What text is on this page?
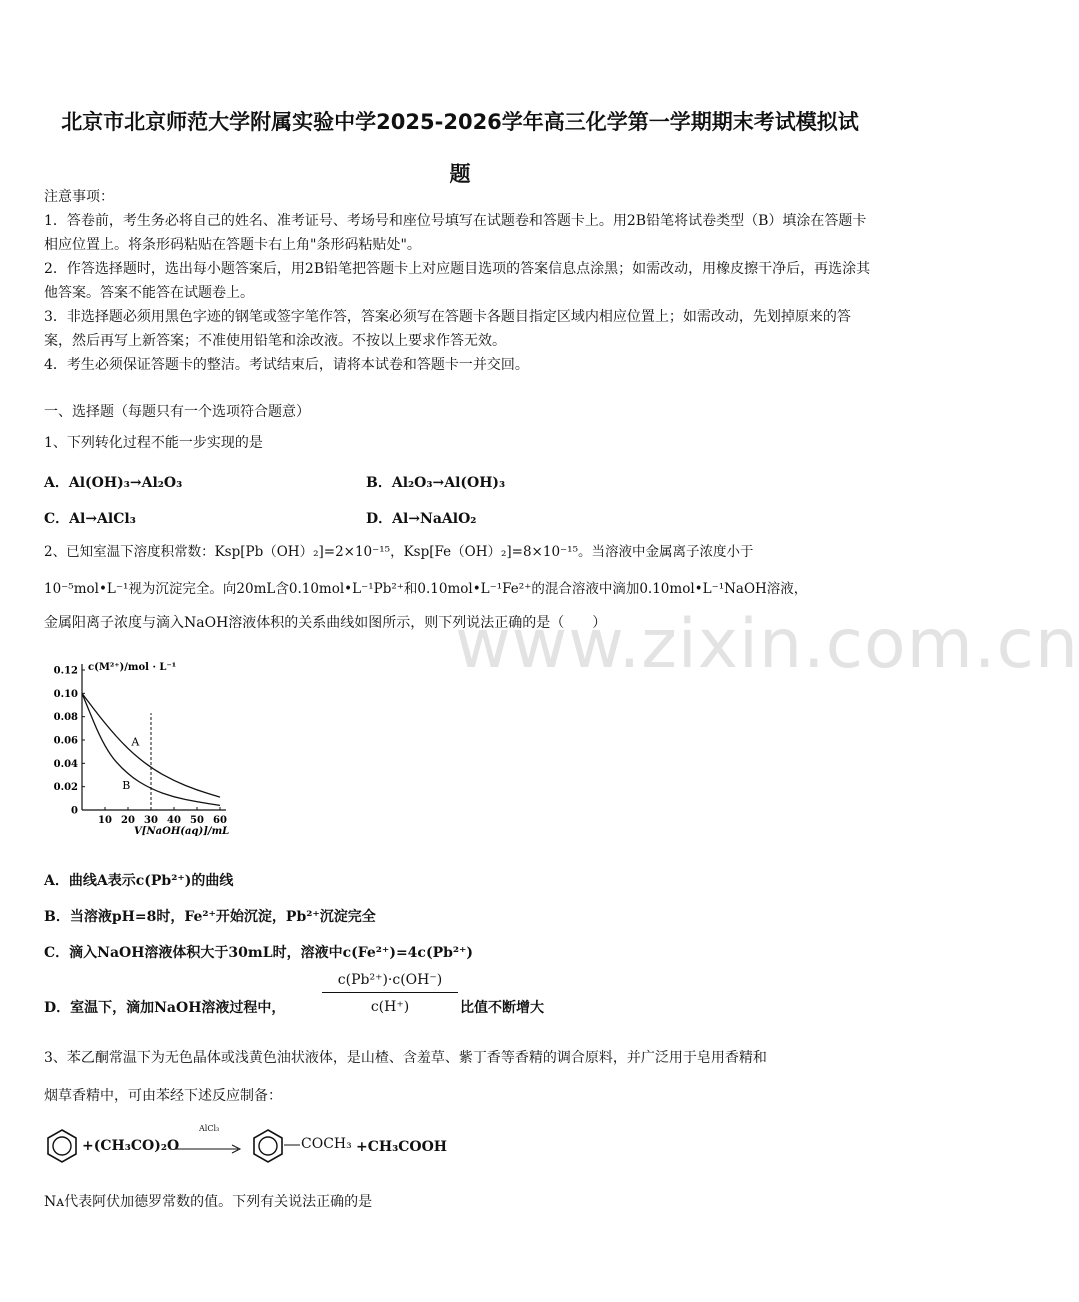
www.zixin.com.cn
北京市北京师范大学附属实验中学2025-2026学年高三化学第一学期期末考试模拟试
题
注意事项：
1．答卷前，考生务必将自己的姓名、准考证号、考场号和座位号填写在试题卷和答题卡上。用2B铅笔将试卷类型（B）填涂在答题卡相应位置上。将条形码粘贴在答题卡右上角"条形码粘贴处"。
2．作答选择题时，选出每小题答案后，用2B铅笔把答题卡上对应题目选项的答案信息点涂黑；如需改动，用橡皮擦干净后，再选涂其他答案。答案不能答在试题卷上。
3．非选择题必须用黑色字迹的钢笔或签字笔作答，答案必须写在答题卡各题目指定区域内相应位置上；如需改动，先划掉原来的答案，然后再写上新答案；不准使用铅笔和涂改液。不按以上要求作答无效。
4．考生必须保证答题卡的整洁。考试结束后，请将本试卷和答题卡一并交回。
一、选择题（每题只有一个选项符合题意）
1、下列转化过程不能一步实现的是
A．Al(OH)₃→Al₂O₃	B．Al₂O₃→Al(OH)₃
C．Al→AlCl₃	D．Al→NaAlO₂
2、已知室温下溶度积常数：Ksp[Pb（OH）₂]=2×10⁻¹⁵，Ksp[Fe（OH）₂]=8×10⁻¹⁵。当溶液中金属离子浓度小于
10⁻⁵mol•L⁻¹视为沉淀完全。向20mL含0.10mol•L⁻¹Pb²⁺和0.10mol•L⁻¹Fe²⁺的混合溶液中滴加0.10mol•L⁻¹NaOH溶液，
金属阳离子浓度与滴入NaOH溶液体积的关系曲线如图所示，则下列说法正确的是（　　）
0.12
0.10
0.08
0.06
0.04
0.02
0
10 20 30 40 50 60
A
B
c(M²⁺)/mol · L⁻¹
V[NaOH(aq)]/mL
A．曲线A表示c(Pb²⁺)的曲线
B．当溶液pH=8时，Fe²⁺开始沉淀，Pb²⁺沉淀完全
C．滴入NaOH溶液体积大于30mL时，溶液中c(Fe²⁺)=4c(Pb²⁺)
D．室温下，滴加NaOH溶液过程中，	$\frac{\text{c(Pb²⁺)·c(OH⁻)}}{c(H^+)}$ 比值不断增大
3、苯乙酮常温下为无色晶体或浅黄色油状液体，是山楂、含羞草、紫丁香等香精的调合原料，并广泛用于皂用香精和
烟草香精中，可由苯经下述反应制备：
+(CH₃CO)₂O
AlCl₃
COCH₃ +CH₃COOH
Nᴀ代表阿伏加德罗常数的值。下列有关说法正确的是
